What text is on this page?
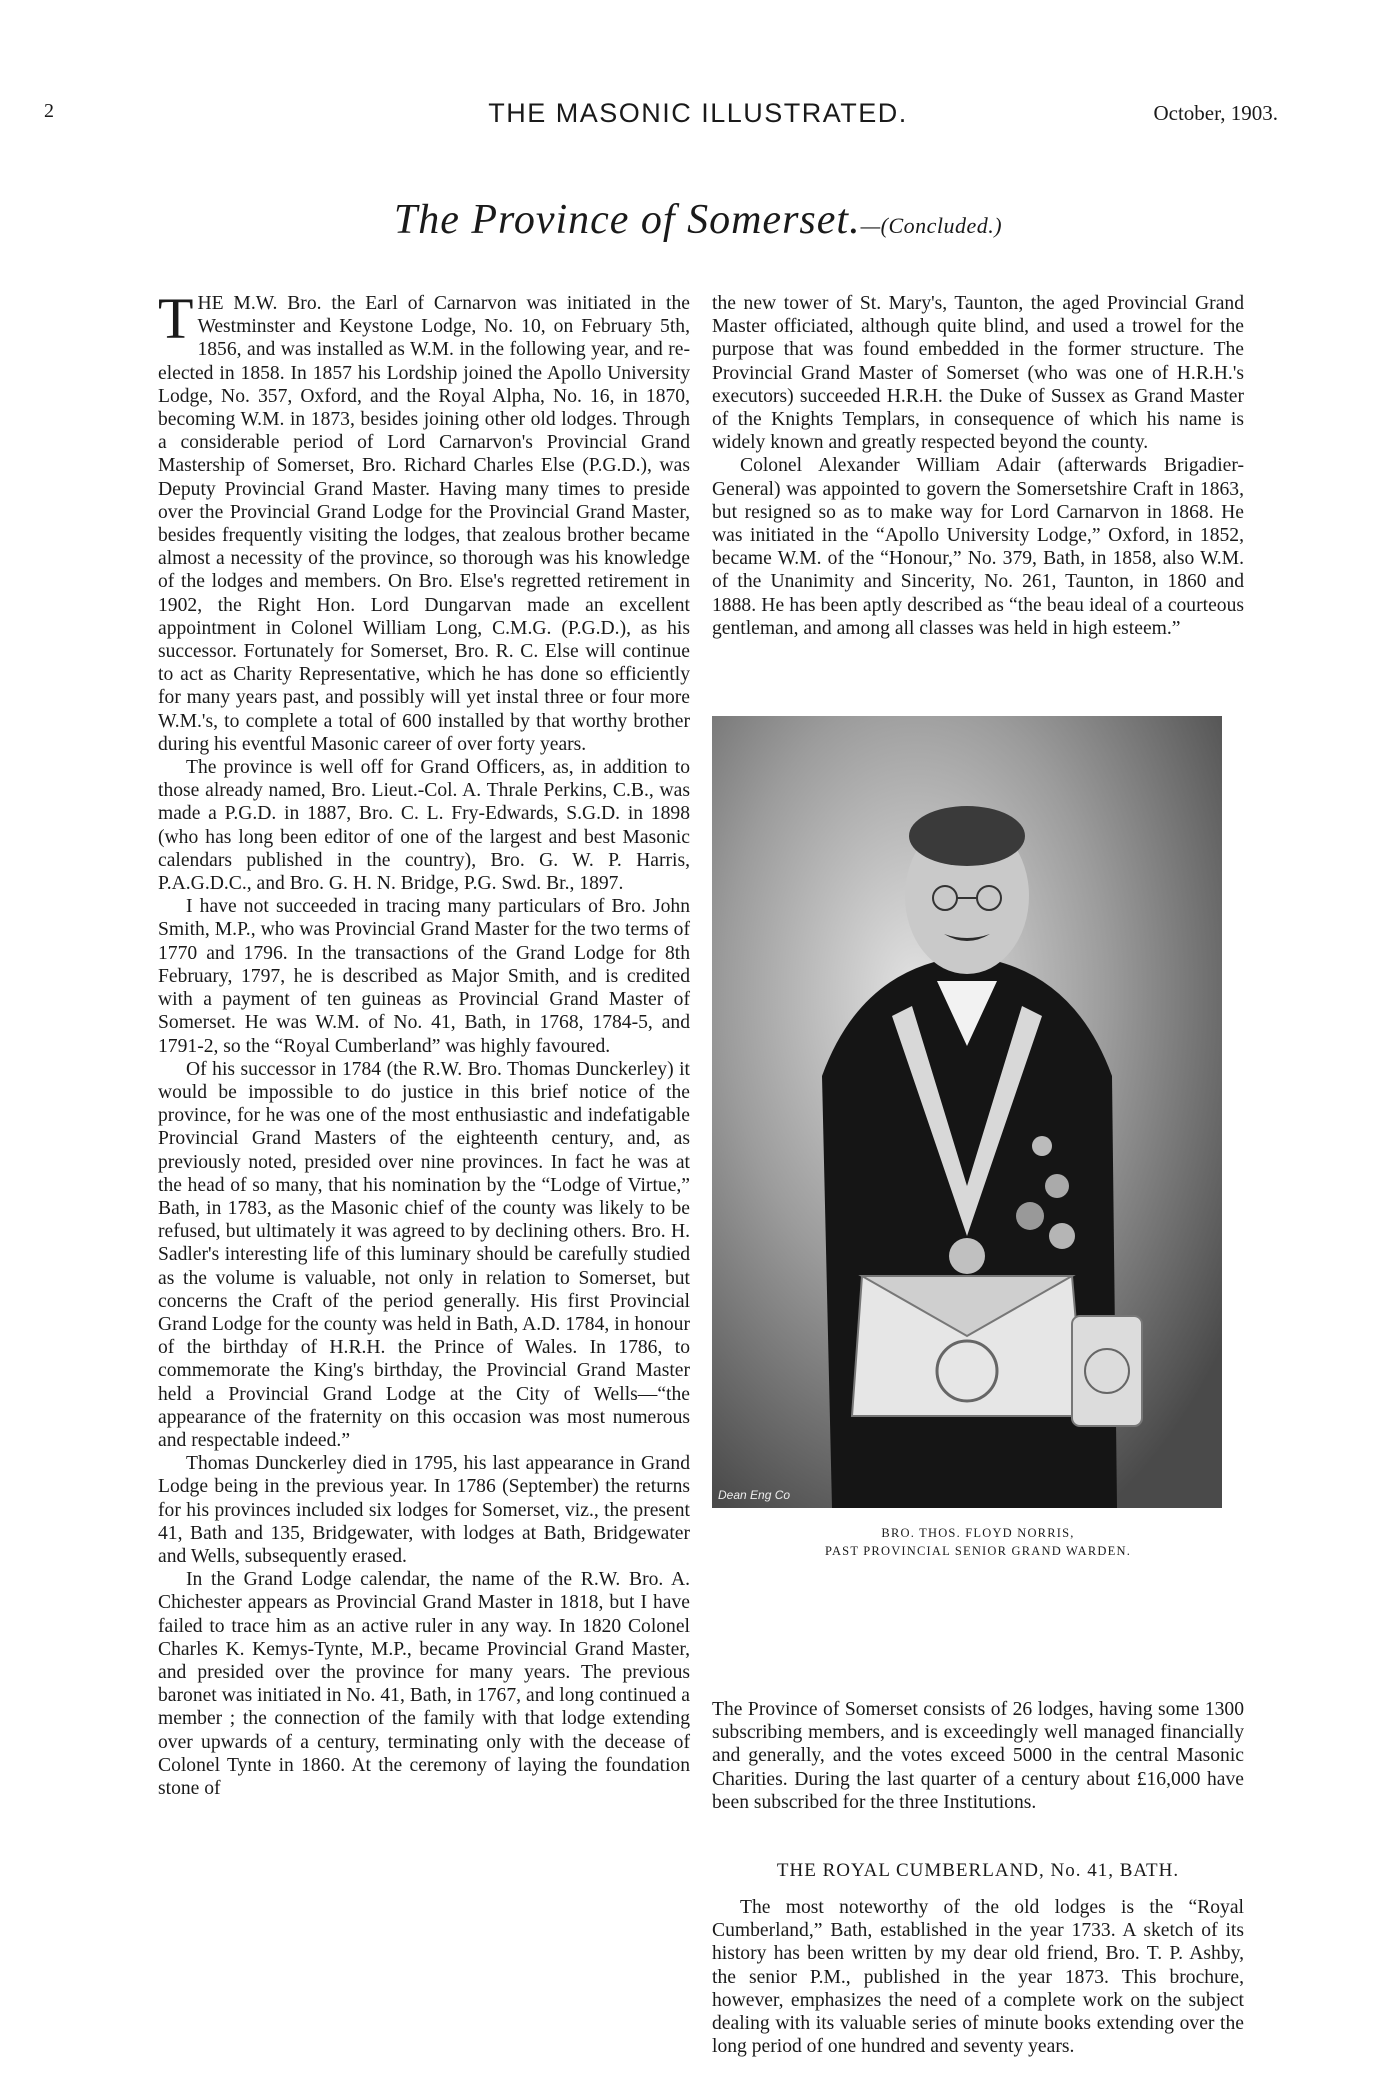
2	THE MASONIC ILLUSTRATED.	October, 1903.
The Province of Somerset.—(Concluded.)

THE M.W. Bro. the Earl of Carnarvon was initiated in the Westminster and Keystone Lodge, No. 10, on February 5th, 1856, and was installed as W.M. in the following year, and re-elected in 1858. In 1857 his Lordship joined the Apollo University Lodge, No. 357, Oxford, and the Royal Alpha, No. 16, in 1870, becoming W.M. in 1873, besides joining other old lodges. Through a considerable period of Lord Carnarvon's Provincial Grand Mastership of Somerset, Bro. Richard Charles Else (P.G.D.), was Deputy Provincial Grand Master. Having many times to preside over the Provincial Grand Lodge for the Provincial Grand Master, besides frequently visiting the lodges, that zealous brother became almost a necessity of the province, so thorough was his knowledge of the lodges and members. On Bro. Else's regretted retirement in 1902, the Right Hon. Lord Dungarvan made an excellent appointment in Colonel William Long, C.M.G. (P.G.D.), as his successor. Fortunately for Somerset, Bro. R. C. Else will continue to act as Charity Representative, which he has done so efficiently for many years past, and possibly will yet instal three or four more W.M.'s, to complete a total of 600 installed by that worthy brother during his eventful Masonic career of over forty years.

The province is well off for Grand Officers, as, in addition to those already named, Bro. Lieut.-Col. A. Thrale Perkins, C.B., was made a P.G.D. in 1887, Bro. C. L. Fry-Edwards, S.G.D. in 1898 (who has long been editor of one of the largest and best Masonic calendars published in the country), Bro. G. W. P. Harris, P.A.G.D.C., and Bro. G. H. N. Bridge, P.G. Swd. Br., 1897.

I have not succeeded in tracing many particulars of Bro. John Smith, M.P., who was Provincial Grand Master for the two terms of 1770 and 1796. In the transactions of the Grand Lodge for 8th February, 1797, he is described as Major Smith, and is credited with a payment of ten guineas as Provincial Grand Master of Somerset. He was W.M. of No. 41, Bath, in 1768, 1784-5, and 1791-2, so the “Royal Cumberland” was highly favoured.

Of his successor in 1784 (the R.W. Bro. Thomas Dunckerley) it would be impossible to do justice in this brief notice of the province, for he was one of the most enthusiastic and indefatigable Provincial Grand Masters of the eighteenth century, and, as previously noted, presided over nine provinces. In fact he was at the head of so many, that his nomination by the “Lodge of Virtue,” Bath, in 1783, as the Masonic chief of the county was likely to be refused, but ultimately it was agreed to by declining others. Bro. H. Sadler's interesting life of this luminary should be carefully studied as the volume is valuable, not only in relation to Somerset, but concerns the Craft of the period generally. His first Provincial Grand Lodge for the county was held in Bath, A.D. 1784, in honour of the birthday of H.R.H. the Prince of Wales. In 1786, to commemorate the King's birthday, the Provincial Grand Master held a Provincial Grand Lodge at the City of Wells—“the appearance of the fraternity on this occasion was most numerous and respectable indeed.”

Thomas Dunckerley died in 1795, his last appearance in Grand Lodge being in the previous year. In 1786 (September) the returns for his provinces included six lodges for Somerset, viz., the present 41, Bath and 135, Bridgewater, with lodges at Bath, Bridgewater and Wells, subsequently erased.

In the Grand Lodge calendar, the name of the R.W. Bro. A. Chichester appears as Provincial Grand Master in 1818, but I have failed to trace him as an active ruler in any way. In 1820 Colonel Charles K. Kemys-Tynte, M.P., became Provincial Grand Master, and presided over the province for many years. The previous baronet was initiated in No. 41, Bath, in 1767, and long continued a member ; the connection of the family with that lodge extending over upwards of a century, terminating only with the decease of Colonel Tynte in 1860. At the ceremony of laying the foundation stone of

the new tower of St. Mary's, Taunton, the aged Provincial Grand Master officiated, although quite blind, and used a trowel for the purpose that was found embedded in the former structure. The Provincial Grand Master of Somerset (who was one of H.R.H.'s executors) succeeded H.R.H. the Duke of Sussex as Grand Master of the Knights Templars, in consequence of which his name is widely known and greatly respected beyond the county.

Colonel Alexander William Adair (afterwards Brigadier-General) was appointed to govern the Somersetshire Craft in 1863, but resigned so as to make way for Lord Carnarvon in 1868. He was initiated in the “Apollo University Lodge,” Oxford, in 1852, became W.M. of the “Honour,” No. 379, Bath, in 1858, also W.M. of the Unanimity and Sincerity, No. 261, Taunton, in 1860 and 1888. He has been aptly described as “the beau ideal of a courteous gentleman, and among all classes was held in high esteem.”

Dean Eng Co
BRO. THOS. FLOYD NORRIS,
PAST PROVINCIAL SENIOR GRAND WARDEN.

The Province of Somerset consists of 26 lodges, having some 1300 subscribing members, and is exceedingly well managed financially and generally, and the votes exceed 5000 in the central Masonic Charities. During the last quarter of a century about £16,000 have been subscribed for the three Institutions.

THE ROYAL CUMBERLAND, No. 41, BATH.

The most noteworthy of the old lodges is the “Royal Cumberland,” Bath, established in the year 1733. A sketch of its history has been written by my dear old friend, Bro. T. P. Ashby, the senior P.M., published in the year 1873. This brochure, however, emphasizes the need of a complete work on the subject dealing with its valuable series of minute books extending over the long period of one hundred and seventy years.
